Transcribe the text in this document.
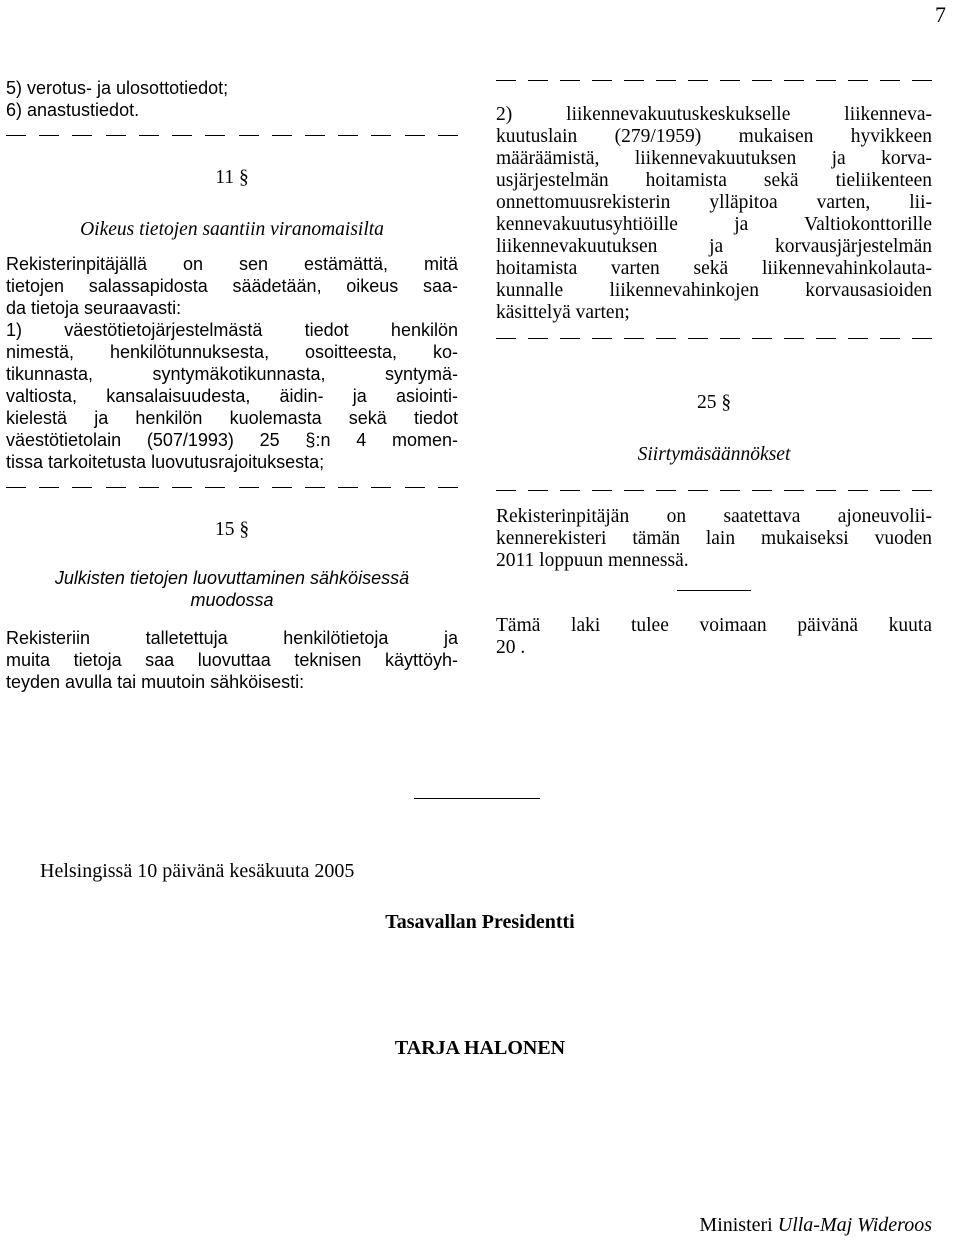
7
5) verotus- ja ulosottotiedot;
6) anastustiedot.
11 §
Oikeus tietojen saantiin viranomaisilta
Rekisterinpitäjällä on sen estämättä, mitä
tietojen salassapidosta säädetään, oikeus saa-
da tietoja seuraavasti:
1) väestötietojärjestelmästä tiedot henkilön
nimestä, henkilötunnuksesta, osoitteesta, ko-
tikunnasta, syntymäkotikunnasta, syntymä-
valtiosta, kansalaisuudesta, äidin- ja asiointi-
kielestä ja henkilön kuolemasta sekä tiedot
väestötietolain (507/1993) 25 §:n 4 momen-
tissa tarkoitetusta luovutusrajoituksesta;
15 §
Julkisten tietojen luovuttaminen sähköisessä
muodossa
Rekisteriin talletettuja henkilötietoja ja
muita tietoja saa luovuttaa teknisen käyttöyh-
teyden avulla tai muutoin sähköisesti:
2) liikennevakuutuskeskukselle liikenneva-
kuutuslain (279/1959) mukaisen hyvikkeen
määräämistä, liikennevakuutuksen ja korva-
usjärjestelmän hoitamista sekä tieliikenteen
onnettomuusrekisterin ylläpitoa varten, lii-
kennevakuutusyhtiöille ja Valtiokonttorille
liikennevakuutuksen ja korvausjärjestelmän
hoitamista varten sekä liikennevahinkolauta-
kunnalle liikennevahinkojen korvausasioiden
käsittelyä varten;
25 §
Siirtymäsäännökset
Rekisterinpitäjän on saatettava ajoneuvolii-
kennerekisteri tämän lain mukaiseksi vuoden
2011 loppuun mennessä.
Tämä laki tulee voimaan päivänä kuuta
20 .
Helsingissä 10 päivänä kesäkuuta 2005
Tasavallan Presidentti
TARJA HALONEN
Ministeri Ulla-Maj Wideroos
